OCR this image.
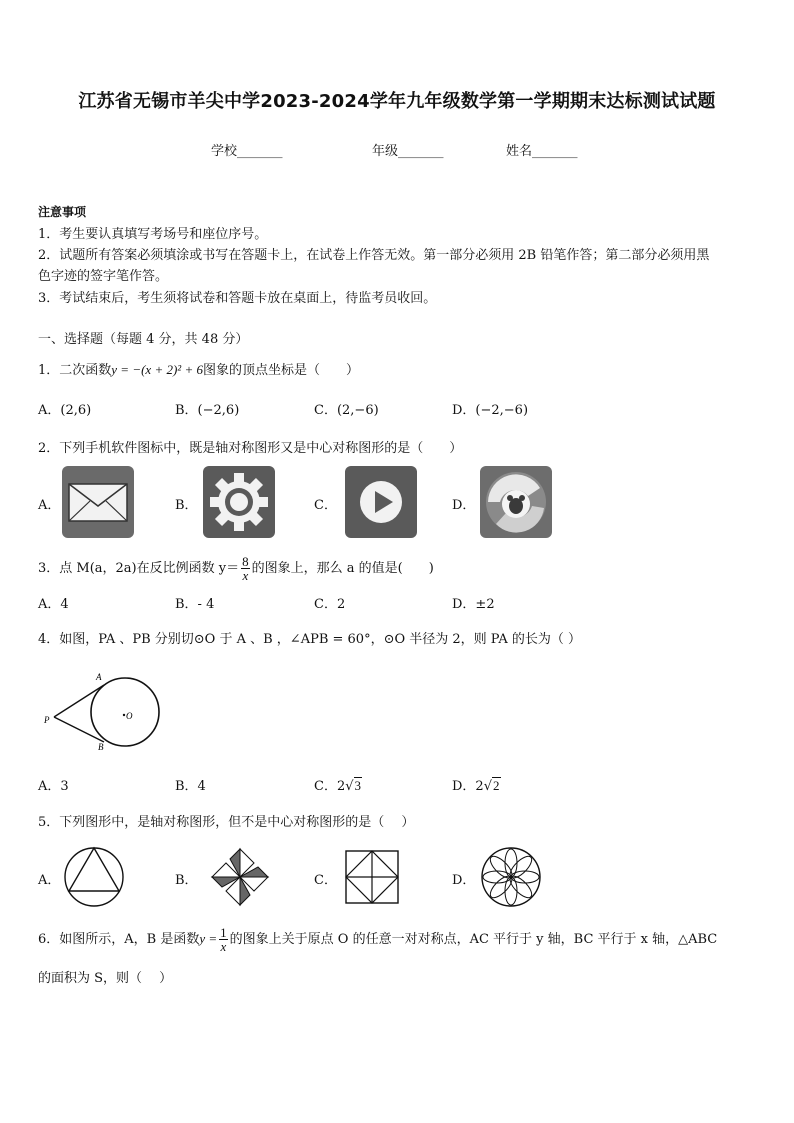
江苏省无锡市羊尖中学2023-2024学年九年级数学第一学期期末达标测试试题
学校_______	年级_______	姓名_______
注意事项
1．考生要认真填写考场号和座位序号。
2．试题所有答案必须填涂或书写在答题卡上，在试卷上作答无效。第一部分必须用 2B 铅笔作答；第二部分必须用黑
色字迹的签字笔作答。
3．考试结束后，考生须将试卷和答题卡放在桌面上，待监考员收回。
一、选择题（每题 4 分，共 48 分）
1．二次函数y = −(x + 2)² + 6图象的顶点坐标是（　　）
A．(2,6)	B．(−2,6)	C．(2,−6)	D．(−2,−6)
2．下列手机软件图标中，既是轴对称图形又是中心对称图形的是（　　）
A．	B．	C．	D．
3．点 M(a，2a)在反比例函数 $y= \frac{8}{x}$ 的图象上，那么 a 的值是(　　)
A．4	B．- 4	C．2	D．±2
4．如图，PA 、PB 分别切⊙O 于 A 、B ，∠APB = 60°，⊙O 半径为 2，则 PA 的长为（ ）
A
B
P	O
A．3	B．4	C．2√3	D．2√2
5．下列图形中，是轴对称图形，但不是中心对称图形的是（　 ）
A．	B．	C．	D．
6．如图所示，A，B 是函数$y = \frac{1}{x}$ 的图象上关于原点 O 的任意一对对称点，AC 平行于 y 轴，BC 平行于 x 轴，△ABC
的面积为 S，则（　 ）
